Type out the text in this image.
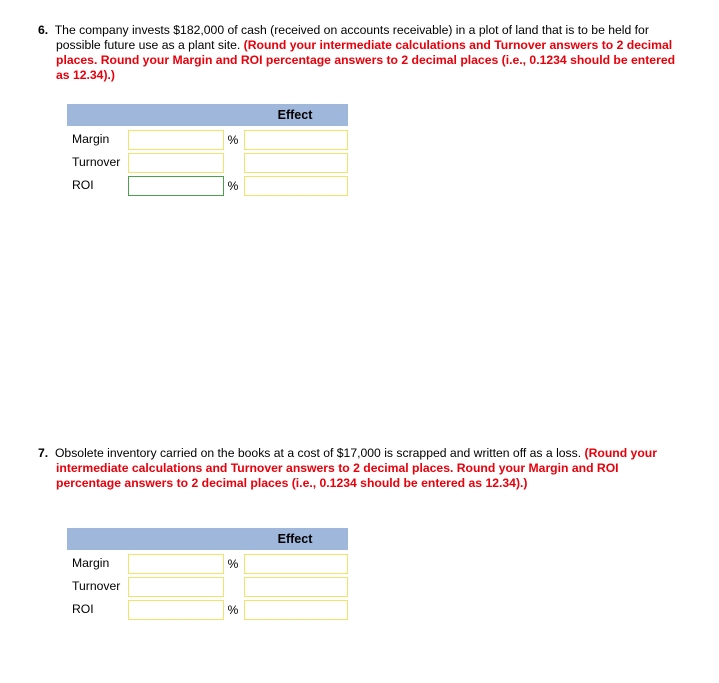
6. The company invests $182,000 of cash (received on accounts receivable) in a plot of land that is to be held for possible future use as a plant site. (Round your intermediate calculations and Turnover answers to 2 decimal places. Round your Margin and ROI percentage answers to 2 decimal places (i.e., 0.1234 should be entered as 12.34).)
			Effect
Margin		%	

Turnover	

ROI		%	
7. Obsolete inventory carried on the books at a cost of $17,000 is scrapped and written off as a loss. (Round your intermediate calculations and Turnover answers to 2 decimal places. Round your Margin and ROI percentage answers to 2 decimal places (i.e., 0.1234 should be entered as 12.34).)
			Effect
Margin		%	

Turnover	

ROI		%	
